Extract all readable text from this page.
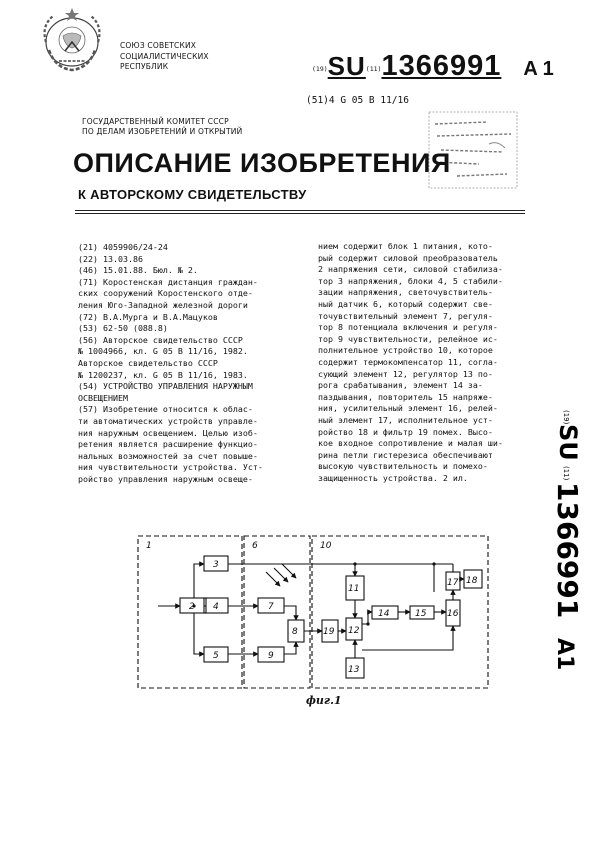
СОЮЗ СОВЕТСКИХ
СОЦИАЛИСТИЧЕСКИХ
РЕСПУБЛИК	$^{(19)}$SU$^{(11)}$1366991 A 1
(51)4 G 05 B 11/16
ГОСУДАРСТВЕННЫЙ КОМИТЕТ СССР
ПО ДЕЛАМ ИЗОБРЕТЕНИЙ И ОТКРЫТИЙ
ОПИСАНИЕ ИЗОБРЕТЕНИЯ
К АВТОРСКОМУ СВИДЕТЕЛЬСТВУ
(21) 4059906/24-24
(22) 13.03.86
(46) 15.01.88. Бюл. № 2.
(71) Коростенская дистанция граждан-
ских сооружений Коростенского отде-
ления Юго-Западной железной дороги
(72) В.А.Мурга и В.А.Мацуков
(53) 62-50 (088.8)
(56) Авторское свидетельство СССР
№ 1004966, кл. G 05 B 11/16, 1982.
Авторское свидетельство СССР
№ 1200237, кл. G 05 B 11/16, 1983.
(54) УСТРОЙСТВО УПРАВЛЕНИЯ НАРУЖНЫМ
ОСВЕЩЕНИЕМ
(57) Изобретение относится к облас-
ти автоматических устройств управле-
ния наружным освещением. Целью изоб-
ретения является расширение функцио-
нальных возможностей за счет повыше-
ния чувствительности устройства. Уст-
ройство управления наружным освеще-
нием содержит блок 1 питания, кото-
рый содержит силовой преобразователь
2 напряжения сети, силовой стабилиза-
тор 3 напряжения, блоки 4, 5 стабили-
зации напряжения, светочувствитель-
ный датчик 6, который содержит све-
точувствительный элемент 7, регуля-
тор 8 потенциала включения и регуля-
тор 9 чувствительности, релейное ис-
полнительное устройство 10, которое
содержит термокомпенсатор 11, согла-
сующий элемент 12, регулятор 13 по-
рога срабатывания, элемент 14 за-
паздывания, повторитель 15 напряже-
ния, усилительный элемент 16, релей-
ный элемент 17, исполнительное уст-
ройство 18 и фильтр 19 помех. Высо-
кое входное сопротивление и малая ши-
рина петли гистерезиса обеспечивают
высокую чувствительность и помехо-
защищенность устройства. 2 ил.
(19)
SU
(11)
1366991
A1
1	6	10
2
3
4
5
7
8
9
11
12
13
14	15 16
17 18
19
фиг.1
